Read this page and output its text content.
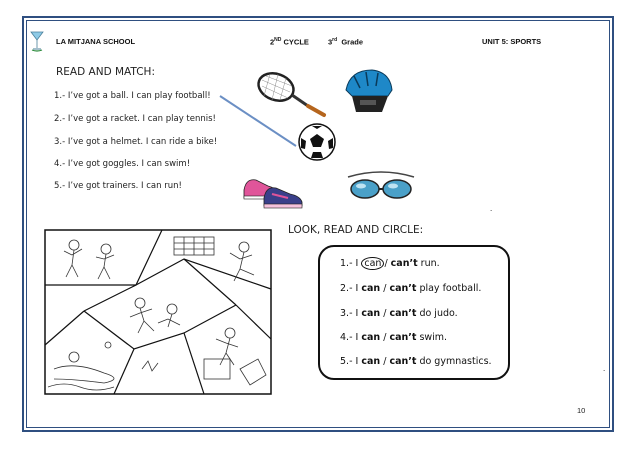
LA MITJANA SCHOOL	2ND CYCLE	3rd Grade	UNIT 5: SPORTS
READ AND MATCH:
1.- I’ve got a ball. I can play football!
2.- I’ve got a racket. I can play tennis!
3.- I’ve got a helmet. I can ride a bike!
4.- I’ve got goggles. I can swim!
5.- I’ve got trainers. I can run!
.
LOOK, READ AND CIRCLE:
1.- I can / can’t run.
2.- I can / can’t play football.
3.- I can / can’t do judo.
4.- I can / can’t swim.
5.- I can / can’t do gymnastics.
.
10
